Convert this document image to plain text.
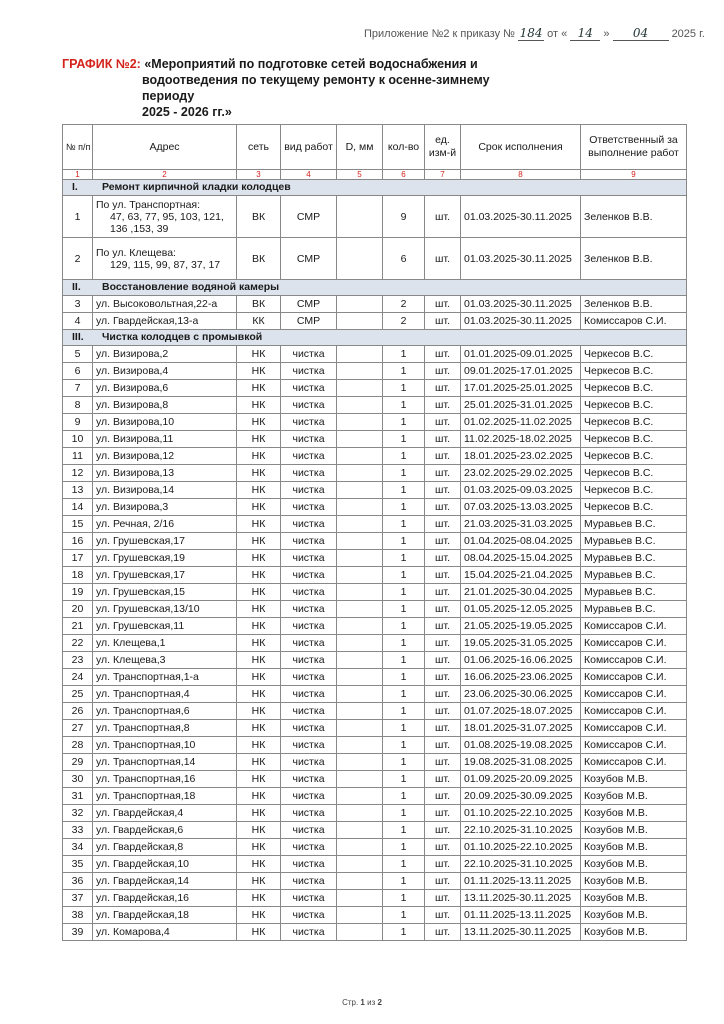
Приложение №2 к приказу № 184 от « 14 » 04 2025 г.
ГРАФИК №2: «Мероприятий по подготовке сетей водоснабжения и
водоотведения по текущему ремонту к осенне-зимнему периоду
2025 - 2026 гг.»
№ п/п	Адрес	сеть	вид работ	D, мм	кол-во	ед. изм-й	Срок исполнения	Ответственный за выполнение работ
1	2	3	4	5	6	7	8	9
I. Ремонт кирпичной кладки колодцев								
1	По ул. Транспортная:
47, 63, 77, 95, 103, 121, 136 ,153, 39	ВК	СМР		9	шт.	01.03.2025-30.11.2025	Зеленков В.В.
2	По ул. Клещева:
129, 115, 99, 87, 37, 17	ВК	СМР		6	шт.	01.03.2025-30.11.2025	Зеленков В.В.
II. Восстановление водяной камеры								
3	ул. Высоковольтная,22-а	ВК	СМР		2	шт.	01.03.2025-30.11.2025	Зеленков В.В.
4	ул. Гвардейская,13-а	КК	СМР		2	шт.	01.03.2025-30.11.2025	Комиссаров С.И.
III. Чистка колодцев с промывкой								
5	ул. Визирова,2	НК	чистка		1	шт.	01.01.2025-09.01.2025	Черкесов В.С.
6	ул. Визирова,4	НК	чистка		1	шт.	09.01.2025-17.01.2025	Черкесов В.С.
7	ул. Визирова,6	НК	чистка		1	шт.	17.01.2025-25.01.2025	Черкесов В.С.
8	ул. Визирова,8	НК	чистка		1	шт.	25.01.2025-31.01.2025	Черкесов В.С.
9	ул. Визирова,10	НК	чистка		1	шт.	01.02.2025-11.02.2025	Черкесов В.С.
10	ул. Визирова,11	НК	чистка		1	шт.	11.02.2025-18.02.2025	Черкесов В.С.
11	ул. Визирова,12	НК	чистка		1	шт.	18.01.2025-23.02.2025	Черкесов В.С.
12	ул. Визирова,13	НК	чистка		1	шт.	23.02.2025-29.02.2025	Черкесов В.С.
13	ул. Визирова,14	НК	чистка		1	шт.	01.03.2025-09.03.2025	Черкесов В.С.
14	ул. Визирова,3	НК	чистка		1	шт.	07.03.2025-13.03.2025	Черкесов В.С.
15	ул. Речная, 2/16	НК	чистка		1	шт.	21.03.2025-31.03.2025	Муравьев В.С.
16	ул. Грушевская,17	НК	чистка		1	шт.	01.04.2025-08.04.2025	Муравьев В.С.
17	ул. Грушевская,19	НК	чистка		1	шт.	08.04.2025-15.04.2025	Муравьев В.С.
18	ул. Грушевская,17	НК	чистка		1	шт.	15.04.2025-21.04.2025	Муравьев В.С.
19	ул. Грушевская,15	НК	чистка		1	шт.	21.01.2025-30.04.2025	Муравьев В.С.
20	ул. Грушевская,13/10	НК	чистка		1	шт.	01.05.2025-12.05.2025	Муравьев В.С.
21	ул. Грушевская,11	НК	чистка		1	шт.	21.05.2025-19.05.2025	Комиссаров С.И.
22	ул. Клещева,1	НК	чистка		1	шт.	19.05.2025-31.05.2025	Комиссаров С.И.
23	ул. Клещева,3	НК	чистка		1	шт.	01.06.2025-16.06.2025	Комиссаров С.И.
24	ул. Транспортная,1-а	НК	чистка		1	шт.	16.06.2025-23.06.2025	Комиссаров С.И.
25	ул. Транспортная,4	НК	чистка		1	шт.	23.06.2025-30.06.2025	Комиссаров С.И.
26	ул. Транспортная,6	НК	чистка		1	шт.	01.07.2025-18.07.2025	Комиссаров С.И.
27	ул. Транспортная,8	НК	чистка		1	шт.	18.01.2025-31.07.2025	Комиссаров С.И.
28	ул. Транспортная,10	НК	чистка		1	шт.	01.08.2025-19.08.2025	Комиссаров С.И.
29	ул. Транспортная,14	НК	чистка		1	шт.	19.08.2025-31.08.2025	Комиссаров С.И.
30	ул. Транспортная,16	НК	чистка		1	шт.	01.09.2025-20.09.2025	Козубов М.В.
31	ул. Транспортная,18	НК	чистка		1	шт.	20.09.2025-30.09.2025	Козубов М.В.
32	ул. Гвардейская,4	НК	чистка		1	шт.	01.10.2025-22.10.2025	Козубов М.В.
33	ул. Гвардейская,6	НК	чистка		1	шт.	22.10.2025-31.10.2025	Козубов М.В.
34	ул. Гвардейская,8	НК	чистка		1	шт.	01.10.2025-22.10.2025	Козубов М.В.
35	ул. Гвардейская,10	НК	чистка		1	шт.	22.10.2025-31.10.2025	Козубов М.В.
36	ул. Гвардейская,14	НК	чистка		1	шт.	01.11.2025-13.11.2025	Козубов М.В.
37	ул. Гвардейская,16	НК	чистка		1	шт.	13.11.2025-30.11.2025	Козубов М.В.
38	ул. Гвардейская,18	НК	чистка		1	шт.	01.11.2025-13.11.2025	Козубов М.В.
39	ул. Комарова,4	НК	чистка		1	шт.	13.11.2025-30.11.2025	Козубов М.В.
Стр. 1 из 2
